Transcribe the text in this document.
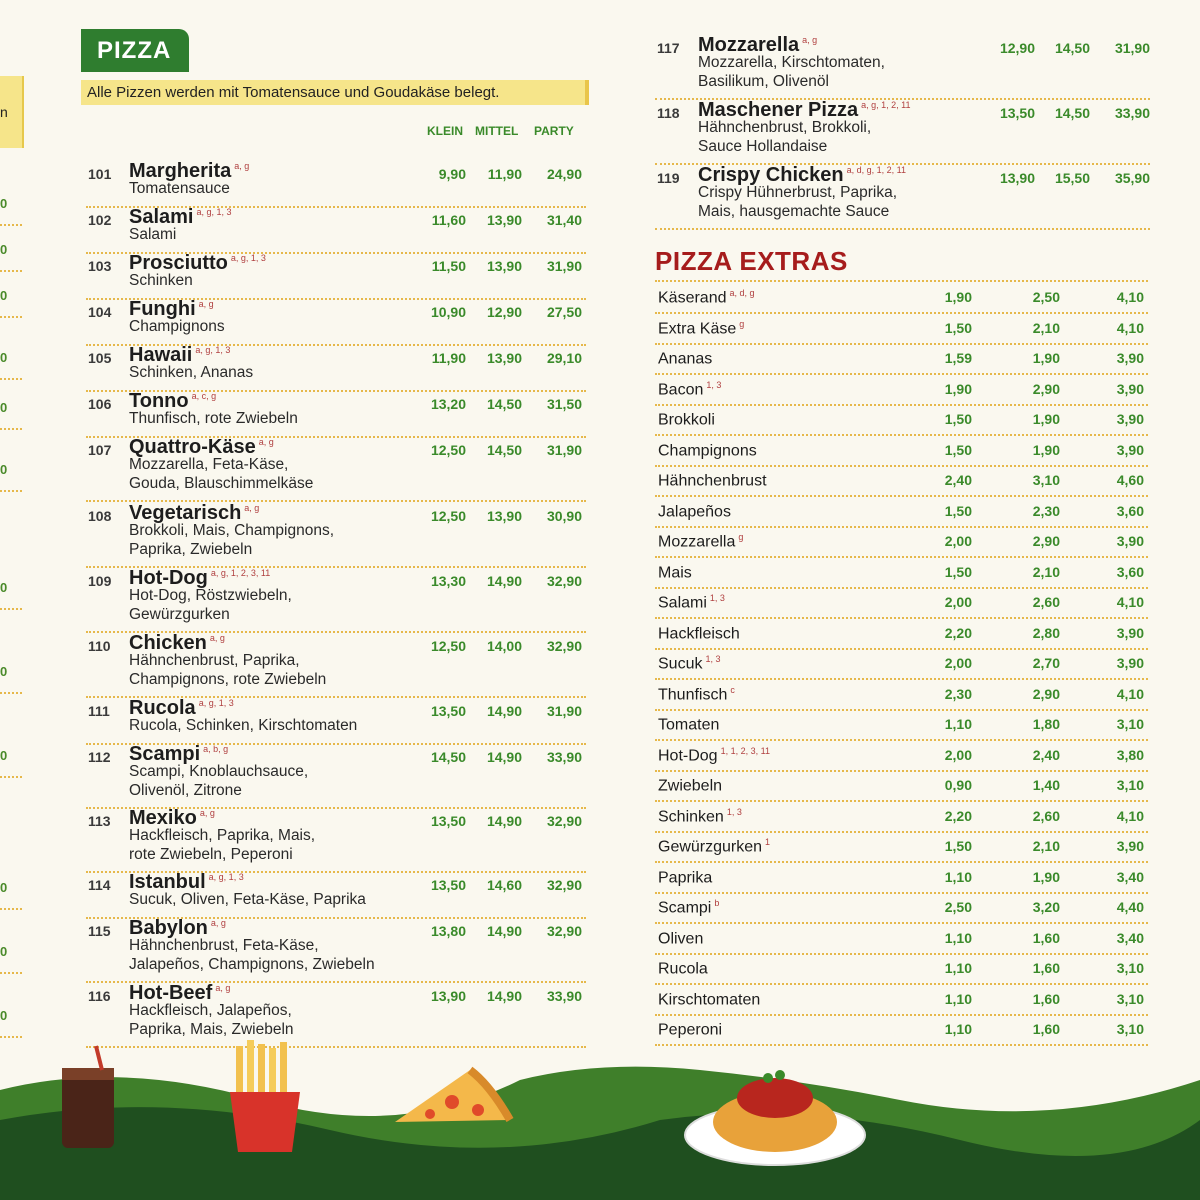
n
0
0
0
0
0
0
0
0
0
0
0
0
PIZZA
Alle Pizzen werden mit Tomatensauce und Goudakäse belegt.
KLEIN MITTEL PARTY
101 Margherita $^{a, g}$
Tomatensauce
9,90	11,90	24,90
102 Salami $^{a, g, 1, 3}$
Salami
11,60	13,90	31,40
103 Prosciutto $^{a, g, 1, 3}$
Schinken
11,50	13,90	31,90
104 Funghi $^{a, g}$
Champignons
10,90	12,90	27,50
105 Hawaii $^{a, g, 1, 3}$
Schinken, Ananas
11,90	13,90	29,10
106 Tonno $^{a, c, g}$
Thunfisch, rote Zwiebeln
13,20	14,50	31,50
107 Quattro-Käse $^{a, g}$
Mozzarella, Feta-Käse,
Gouda, Blauschimmelkäse
12,50	14,50	31,90
108 Vegetarisch $^{a, g}$
Brokkoli, Mais, Champignons,
Paprika, Zwiebeln
12,50	13,90	30,90
109 Hot-Dog $^{a, g, 1, 2, 3, 11}$
Hot-Dog, Röstzwiebeln,
Gewürzgurken
13,30	14,90	32,90
110 Chicken $^{a, g}$
Hähnchenbrust, Paprika,
Champignons, rote Zwiebeln
12,50	14,00	32,90
111 Rucola $^{a, g, 1, 3}$
Rucola, Schinken, Kirschtomaten
13,50	14,90	31,90
112 Scampi $^{a, b, g}$
Scampi, Knoblauchsauce,
Olivenöl, Zitrone
14,50	14,90	33,90
113 Mexiko $^{a, g}$
Hackfleisch, Paprika, Mais,
rote Zwiebeln, Peperoni
13,50	14,90	32,90
114 Istanbul $^{a, g, 1, 3}$
Sucuk, Oliven, Feta-Käse, Paprika
13,50	14,60	32,90
115 Babylon $^{a, g}$
Hähnchenbrust, Feta-Käse,
Jalapeños, Champignons, Zwiebeln
13,80	14,90	32,90
116 Hot-Beef $^{a, g}$
Hackfleisch, Jalapeños,
Paprika, Mais, Zwiebeln
13,90	14,90	33,90
117 Mozzarella $^{a, g}$
Mozzarella, Kirschtomaten,
Basilikum, Olivenöl
12,90	14,50	31,90
118 Maschener Pizza $^{a, g, 1, 2, 11}$
Hähnchenbrust, Brokkoli,
Sauce Hollandaise
13,50	14,50	33,90
119 Crispy Chicken $^{a, d, g, 1, 2, 11}$
Crispy Hühnerbrust, Paprika,
Mais, hausgemachte Sauce
13,90	15,50	35,90
PIZZA EXTRAS
Käserand $^{a, d, g}$	1,90	2,50	4,10
Extra Käse $^g$	1,50	2,10	4,10
Ananas	1,59	1,90	3,90
Bacon $^{1, 3}$	1,90	2,90	3,90
Brokkoli	1,50	1,90	3,90
Champignons	1,50	1,90	3,90
Hähnchenbrust	2,40	3,10	4,60
Jalapeños	1,50	2,30	3,60
Mozzarella $^g$	2,00	2,90	3,90
Mais	1,50	2,10	3,60
Salami $^{1, 3}$	2,00	2,60	4,10
Hackfleisch	2,20	2,80	3,90
Sucuk $^{1, 3}$	2,00	2,70	3,90
Thunfisch $^c$	2,30	2,90	4,10
Tomaten	1,10	1,80	3,10
Hot-Dog $^{1, 1, 2, 3, 11}$	2,00	2,40	3,80
Zwiebeln	0,90	1,40	3,10
Schinken $^{1, 3}$	2,20	2,60	4,10
Gewürzgurken $^1$	1,50	2,10	3,90
Paprika	1,10	1,90	3,40
Scampi $^b$	2,50	3,20	4,40
Oliven	1,10	1,60	3,40
Rucola	1,10	1,60	3,10
Kirschtomaten	1,10	1,60	3,10
Peperoni	1,10	1,60	3,10
